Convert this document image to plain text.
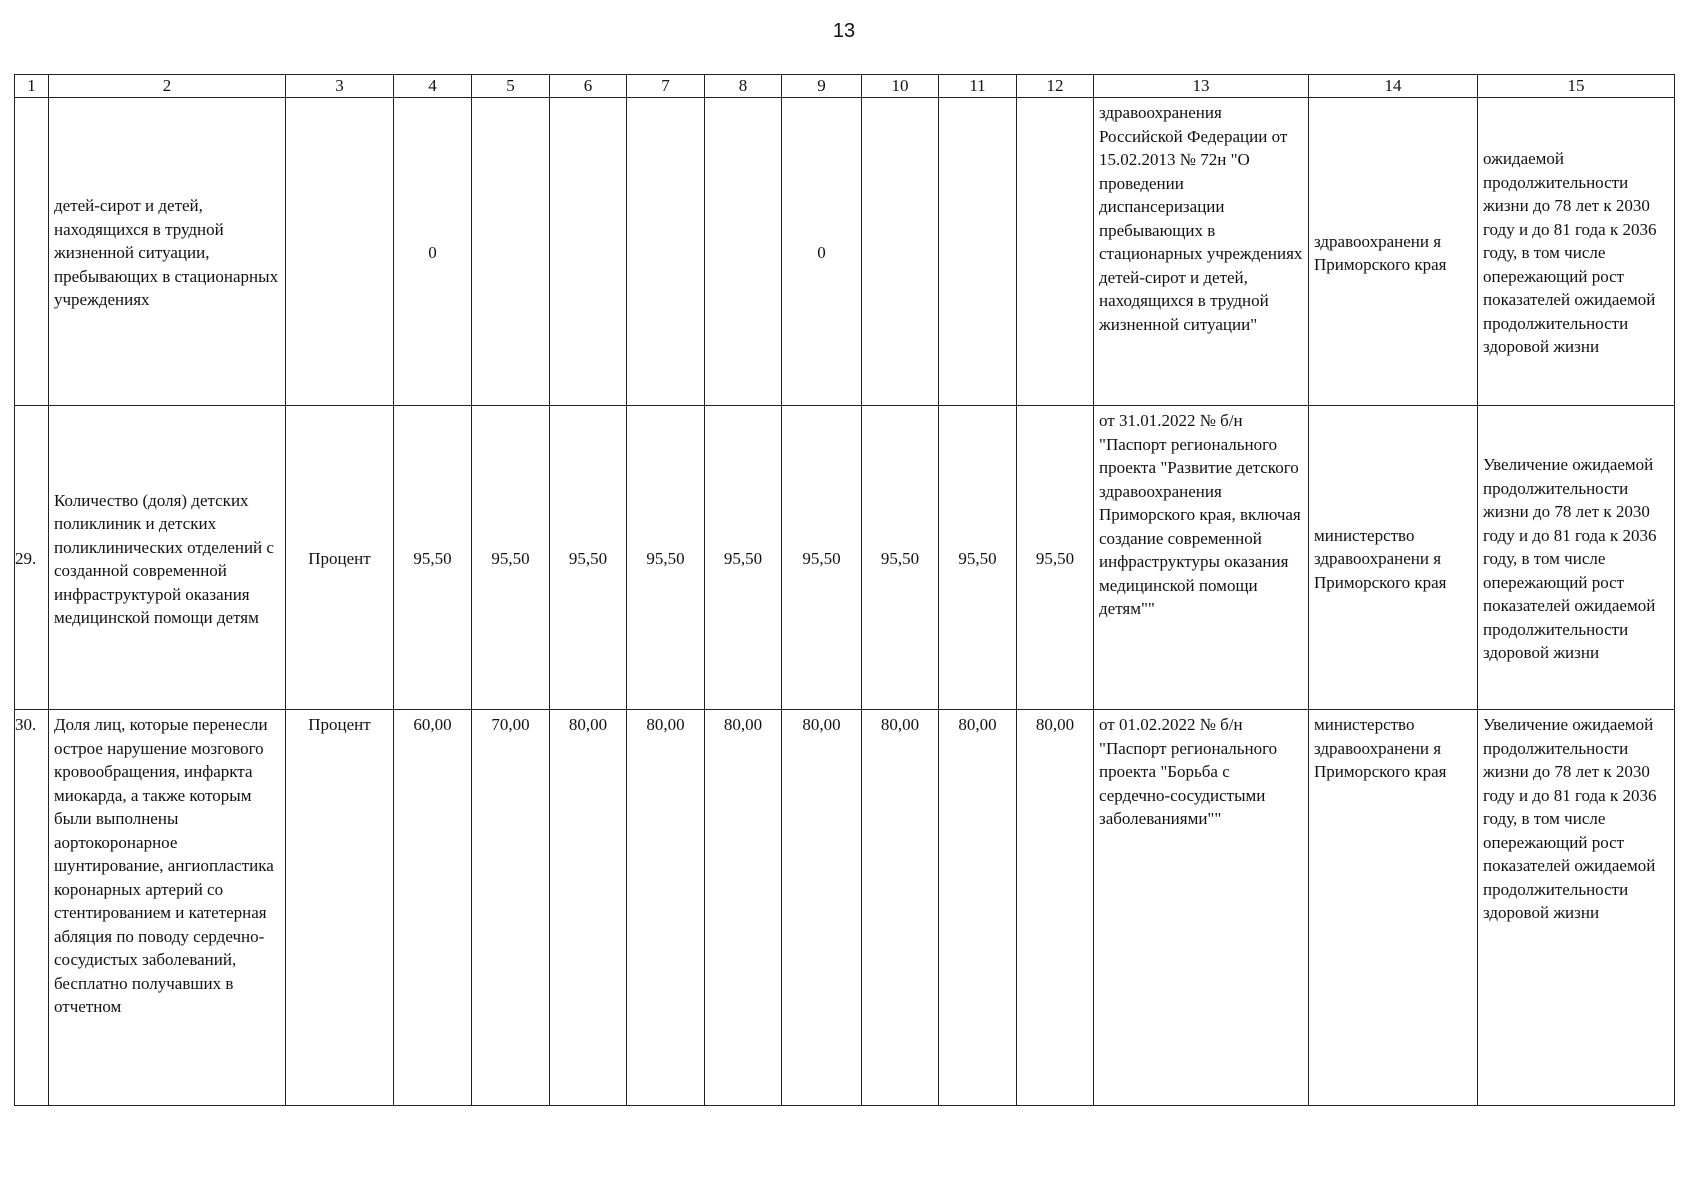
13
1	2	3	4	5	6	7	8	9	10	11	12	13	14	15
	детей-сирот и детей, находящихся в трудной жизненной ситуации, пребывающих в стационарных учреждениях		0					0				здравоохранения Российской Федерации от 15.02.2013 № 72н "О проведении диспансеризации пребывающих в стационарных учреждениях детей-сирот и детей, находящихся в трудной жизненной ситуации"	здравоохранени я Приморского края	ожидаемой продолжительности жизни до 78 лет к 2030 году и до 81 года к 2036 году, в том числе опережающий рост показателей ожидаемой продолжительности здоровой жизни
29.	Количество (доля) детских поликлиник и детских поликлинических отделений с созданной современной инфраструктурой оказания медицинской помощи детям	Процент	95,50	95,50	95,50	95,50	95,50	95,50	95,50	95,50	95,50	от 31.01.2022 № б/н "Паспорт регионального проекта "Развитие детского здравоохранения Приморского края, включая создание современной инфраструктуры оказания медицинской помощи детям""	министерство здравоохранени я Приморского края	Увеличение ожидаемой продолжительности жизни до 78 лет к 2030 году и до 81 года к 2036 году, в том числе опережающий рост показателей ожидаемой продолжительности здоровой жизни
30.	Доля лиц, которые перенесли острое нарушение мозгового кровообращения, инфаркта миокарда, а также которым были выполнены аортокоронарное шунтирование, ангиопластика коронарных артерий со стентированием и катетерная абляция по поводу сердечно-сосудистых заболеваний, бесплатно получавших в отчетном	Процент	60,00	70,00	80,00	80,00	80,00	80,00	80,00	80,00	80,00	от 01.02.2022 № б/н "Паспорт регионального проекта "Борьба с сердечно-сосудистыми заболеваниями""	министерство здравоохранени я Приморского края	Увеличение ожидаемой продолжительности жизни до 78 лет к 2030 году и до 81 года к 2036 году, в том числе опережающий рост показателей ожидаемой продолжительности здоровой жизни
